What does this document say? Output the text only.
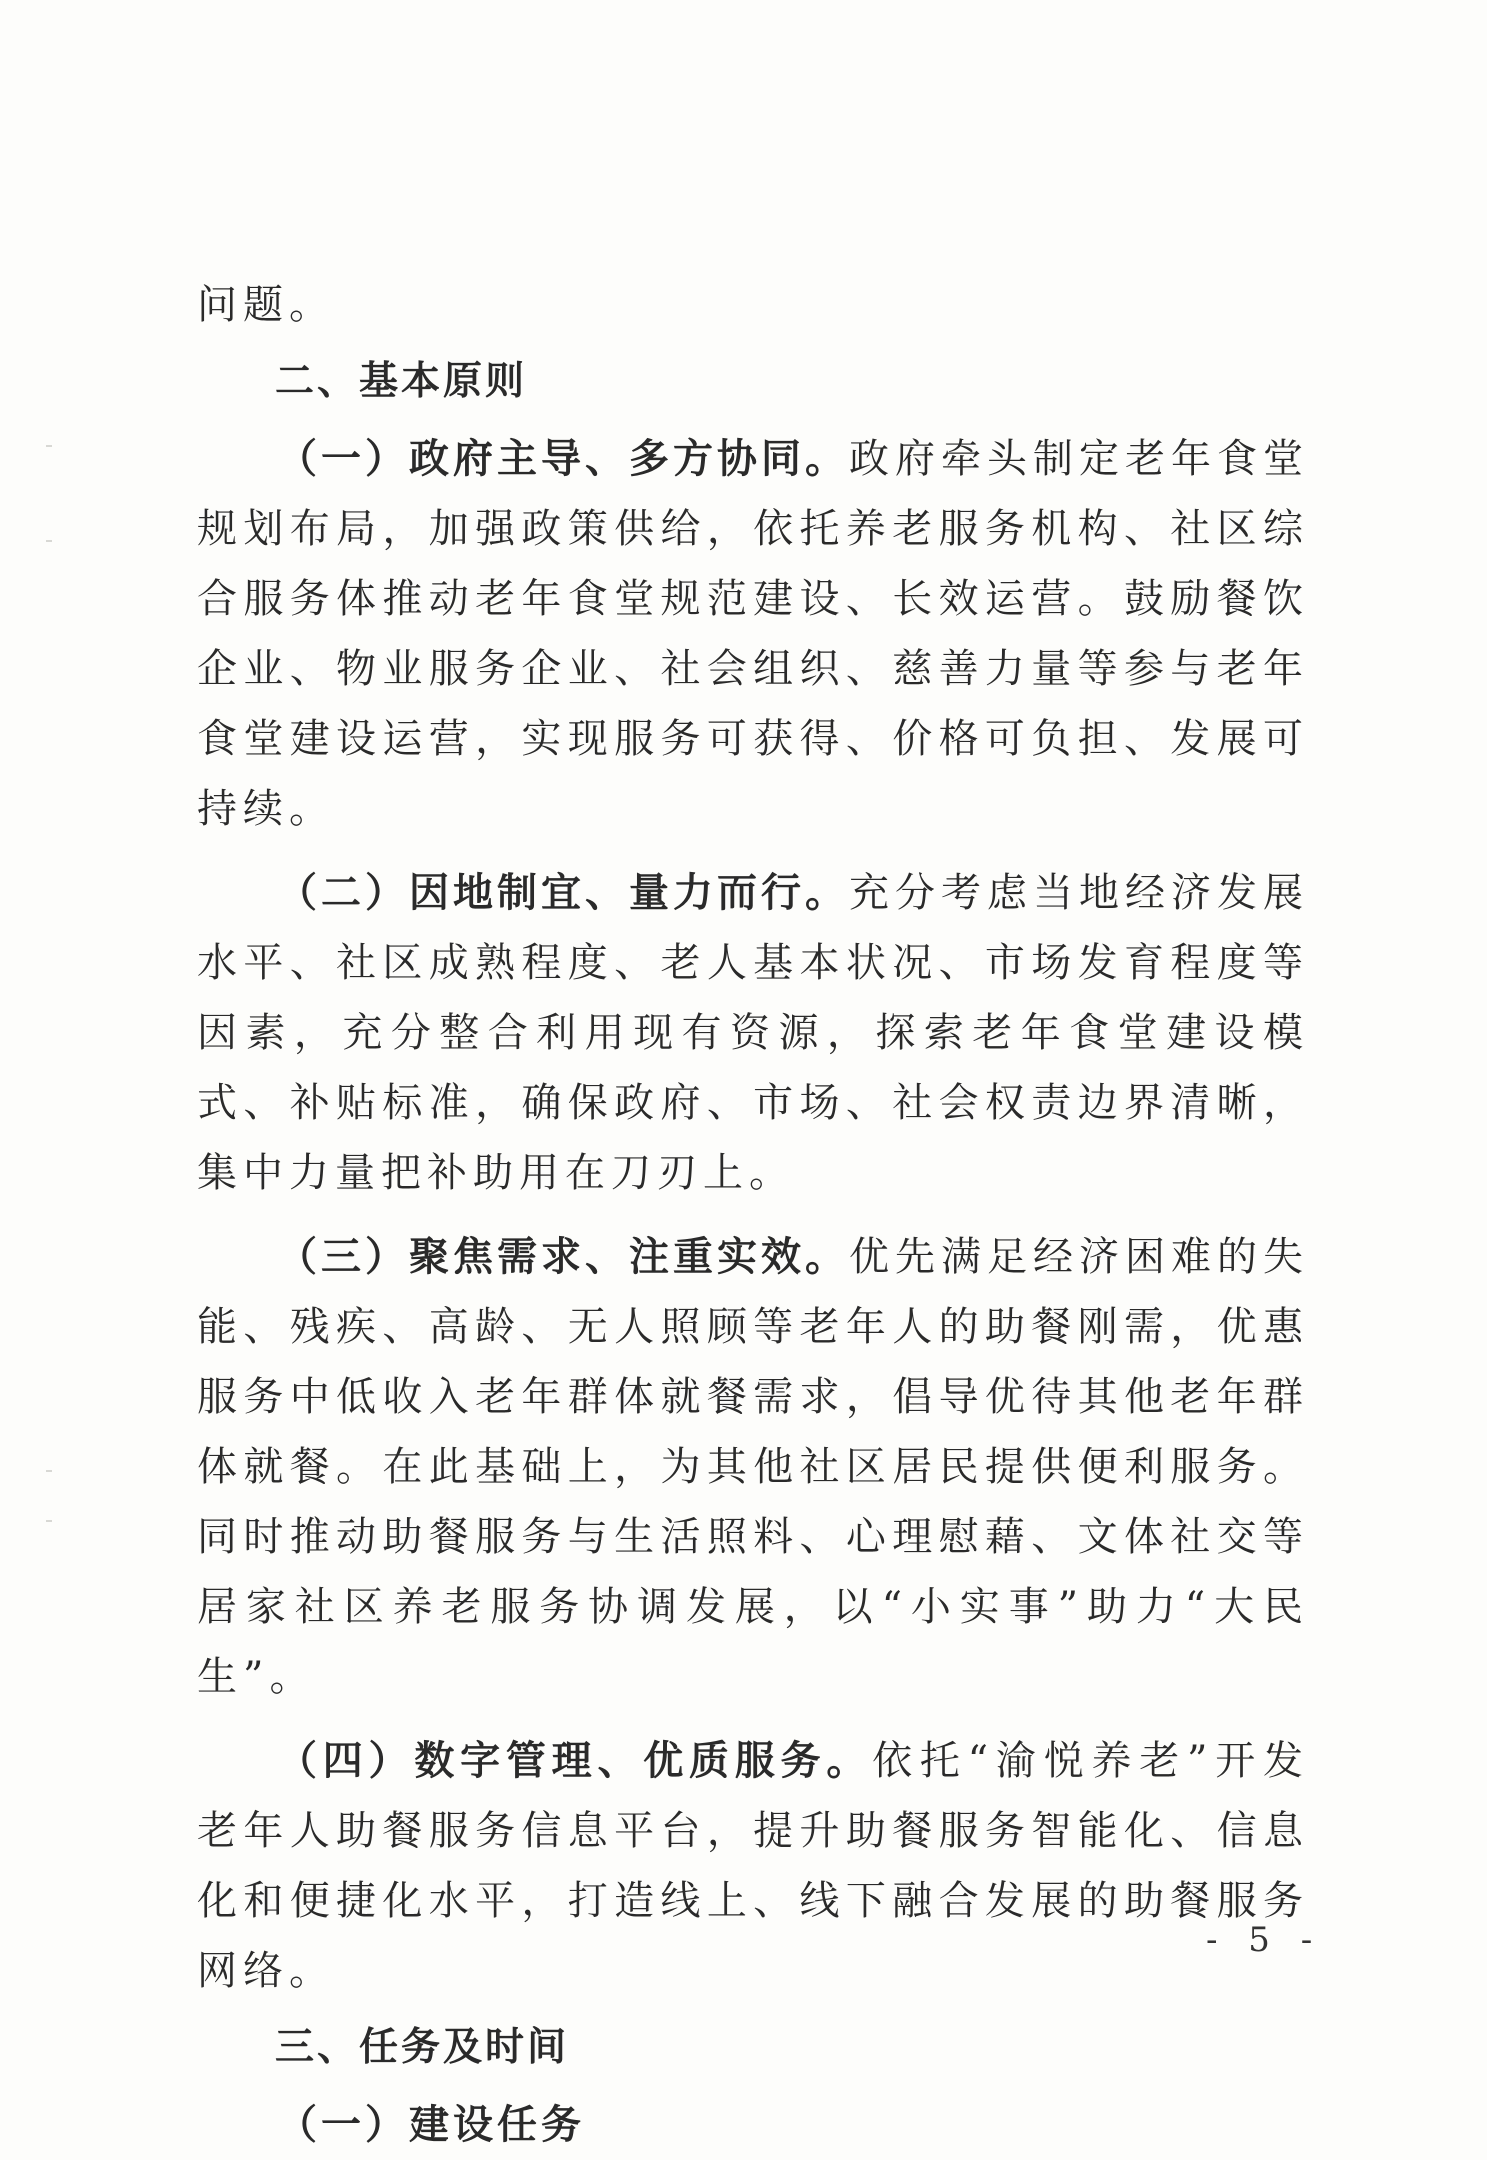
问题。

二、基本原则

（一）政府主导、多方协同。政府牵头制定老年食堂规划布局，加强政策供给，依托养老服务机构、社区综合服务体推动老年食堂规范建设、长效运营。鼓励餐饮企业、物业服务企业、社会组织、慈善力量等参与老年食堂建设运营，实现服务可获得、价格可负担、发展可持续。

（二）因地制宜、量力而行。充分考虑当地经济发展水平、社区成熟程度、老人基本状况、市场发育程度等因素，充分整合利用现有资源，探索老年食堂建设模式、补贴标准，确保政府、市场、社会权责边界清晰，集中力量把补助用在刀刃上。

（三）聚焦需求、注重实效。优先满足经济困难的失能、残疾、高龄、无人照顾等老年人的助餐刚需，优惠服务中低收入老年群体就餐需求，倡导优待其他老年群体就餐。在此基础上，为其他社区居民提供便利服务。同时推动助餐服务与生活照料、心理慰藉、文体社交等居家社区养老服务协调发展，以“小实事”助力“大民生”。

（四）数字管理、优质服务。依托“渝悦养老”开发老年人助餐服务信息平台，提升助餐服务智能化、信息化和便捷化水平，打造线上、线下融合发展的助餐服务网络。

三、任务及时间

（一）建设任务

- 5 -
